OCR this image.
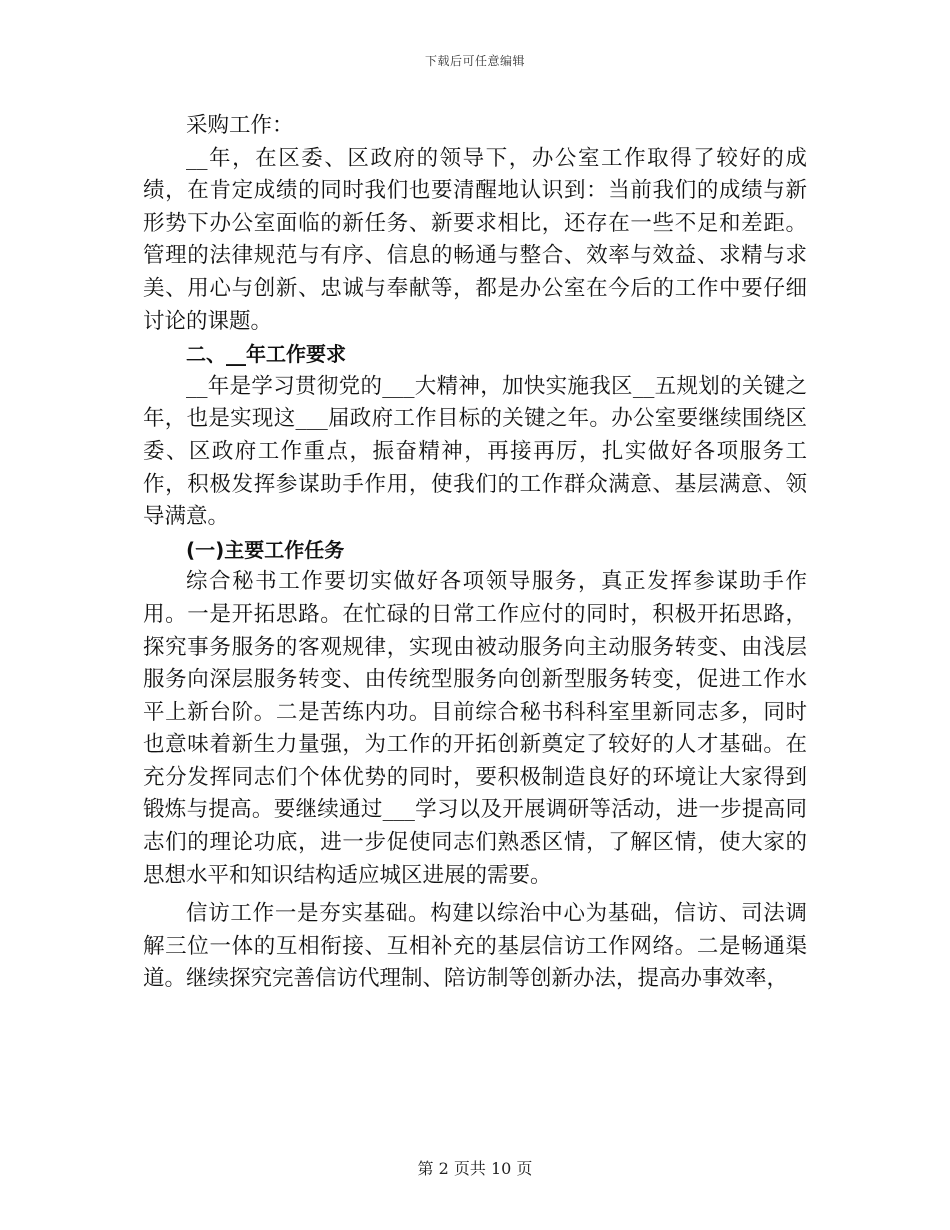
下载后可任意编辑

采购工作：

__年，在区委、区政府的领导下，办公室工作取得了较好的成绩，在肯定成绩的同时我们也要清醒地认识到：当前我们的成绩与新形势下办公室面临的新任务、新要求相比，还存在一些不足和差距。管理的法律规范与有序、信息的畅通与整合、效率与效益、求精与求美、用心与创新、忠诚与奉献等，都是办公室在今后的工作中要仔细讨论的课题。

二、__年工作要求

__年是学习贯彻党的___大精神，加快实施我区__五规划的关键之年，也是实现这___届政府工作目标的关键之年。办公室要继续围绕区委、区政府工作重点，振奋精神，再接再厉，扎实做好各项服务工作，积极发挥参谋助手作用，使我们的工作群众满意、基层满意、领导满意。

(一)主要工作任务

综合秘书工作要切实做好各项领导服务，真正发挥参谋助手作用。一是开拓思路。在忙碌的日常工作应付的同时，积极开拓思路，探究事务服务的客观规律，实现由被动服务向主动服务转变、由浅层服务向深层服务转变、由传统型服务向创新型服务转变，促进工作水平上新台阶。二是苦练内功。目前综合秘书科科室里新同志多，同时也意味着新生力量强，为工作的开拓创新奠定了较好的人才基础。在充分发挥同志们个体优势的同时，要积极制造良好的环境让大家得到锻炼与提高。要继续通过___学习以及开展调研等活动，进一步提高同志们的理论功底，进一步促使同志们熟悉区情，了解区情，使大家的思想水平和知识结构适应城区进展的需要。

信访工作一是夯实基础。构建以综治中心为基础，信访、司法调解三位一体的互相衔接、互相补充的基层信访工作网络。二是畅通渠道。继续探究完善信访代理制、陪访制等创新办法，提高办事效率，

第 2 页共 10 页
